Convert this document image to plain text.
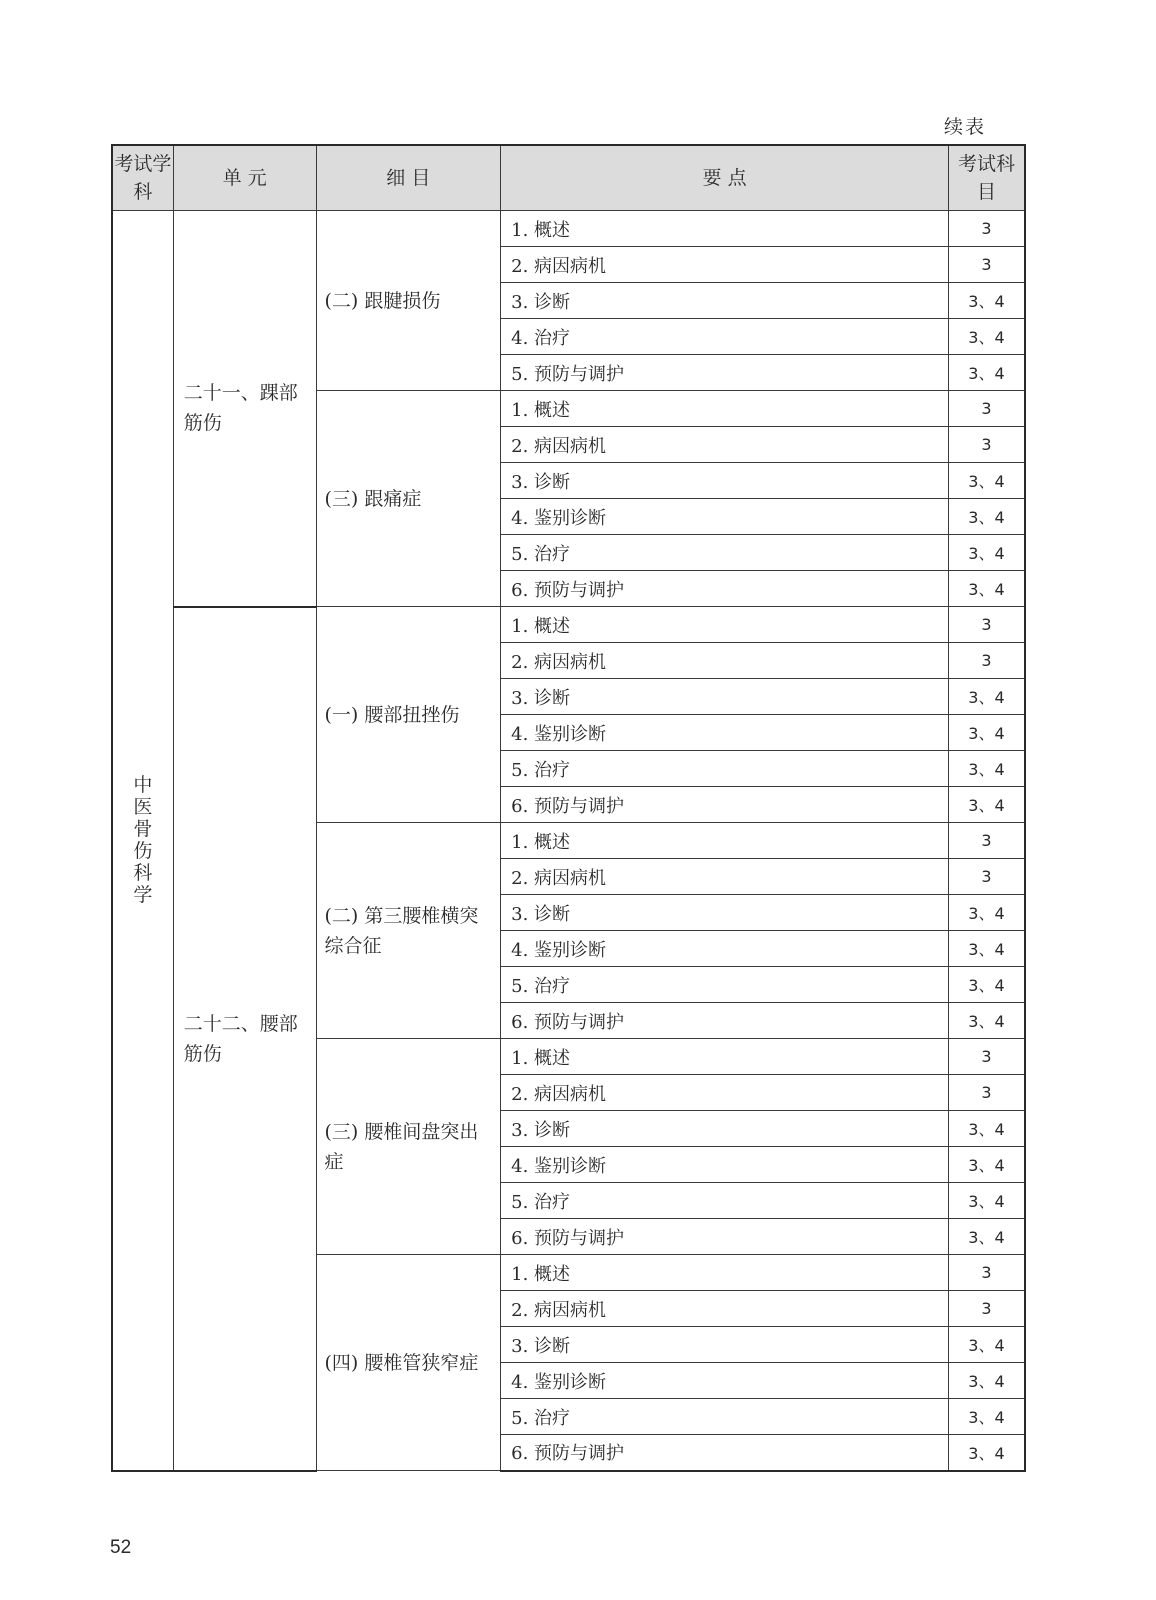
续表
考试学科	单 元	细 目	要 点	考试科目
中医骨伤科学	二十一、踝部筋伤	(二) 跟腱损伤	1. 概述	3
			2. 病因病机	3
			3. 诊断	3、4
			4. 治疗	3、4
			5. 预防与调护	3、4
		(三) 跟痛症	1. 概述	3
			2. 病因病机	3
			3. 诊断	3、4
			4. 鉴别诊断	3、4
			5. 治疗	3、4
			6. 预防与调护	3、4
	二十二、腰部筋伤	(一) 腰部扭挫伤	1. 概述	3
			2. 病因病机	3
			3. 诊断	3、4
			4. 鉴别诊断	3、4
			5. 治疗	3、4
			6. 预防与调护	3、4
		(二) 第三腰椎横突综合征	1. 概述	3
			2. 病因病机	3
			3. 诊断	3、4
			4. 鉴别诊断	3、4
			5. 治疗	3、4
			6. 预防与调护	3、4
		(三) 腰椎间盘突出症	1. 概述	3
			2. 病因病机	3
			3. 诊断	3、4
			4. 鉴别诊断	3、4
			5. 治疗	3、4
			6. 预防与调护	3、4
		(四) 腰椎管狭窄症	1. 概述	3
			2. 病因病机	3
			3. 诊断	3、4
			4. 鉴别诊断	3、4
			5. 治疗	3、4
			6. 预防与调护	3、4
52
